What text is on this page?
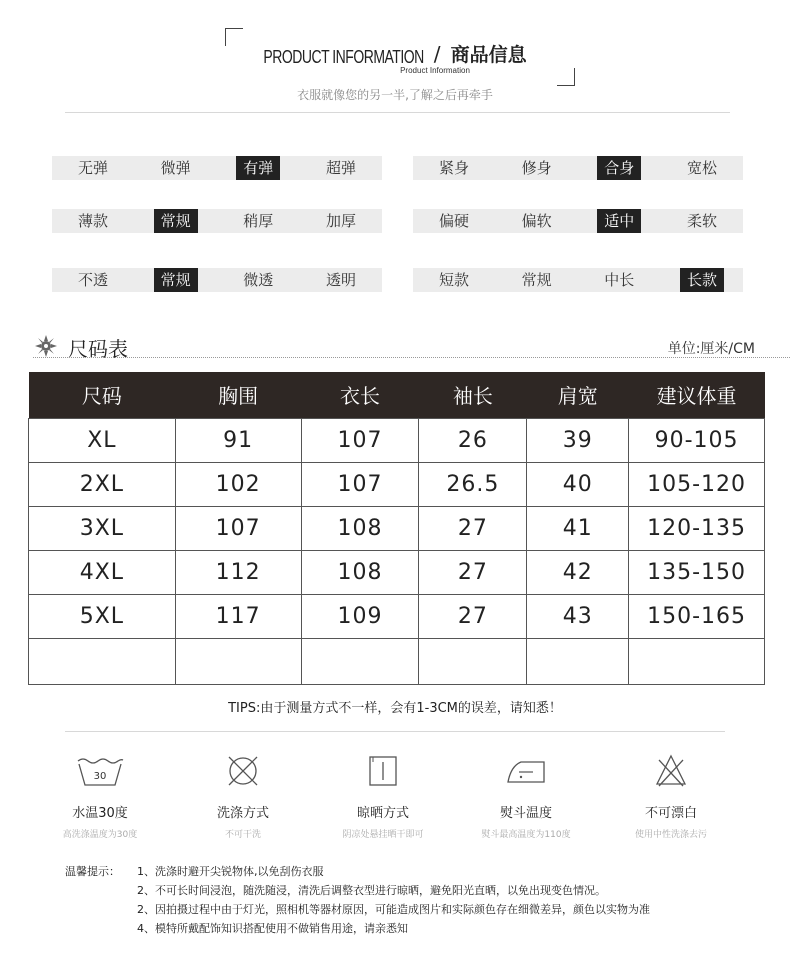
PRODUCT INFORMATION / 商品信息
Product Information
衣服就像您的另一半,了解之后再牵手
无弹	微弹	有弹	超弹	紧身	修身	合身	宽松
薄款	常规	稍厚	加厚	偏硬	偏软	适中	柔软
不透	常规	微透	透明	短款	常规	中长	长款
尺码表	单位:厘米/CM
尺码	胸围	衣长	袖长	肩宽	建议体重
XL	91	107	26	39	90-105
2XL	102	107	26.5	40	105-120
3XL	107	108	27	41	120-135
4XL	112	108	27	42	135-150
5XL	117	109	27	43	150-165

TIPS:由于测量方式不一样，会有1-3CM的误差，请知悉！
30
水温30度
高洗涤温度为30度
洗涤方式
不可干洗
晾晒方式
阴凉处悬挂晒干即可
熨斗温度
熨斗最高温度为110度
不可漂白
使用中性洗涤去污
温馨提示： 1、洗涤时避开尖锐物体,以免刮伤衣服
2、不可长时间浸泡，随洗随浸，清洗后调整衣型进行晾晒，避免阳光直晒，以免出现变色情况。
2、因拍摄过程中由于灯光，照相机等器材原因，可能造成图片和实际颜色存在细微差异，颜色以实物为准
4、模特所戴配饰知识搭配使用不做销售用途，请亲悉知
